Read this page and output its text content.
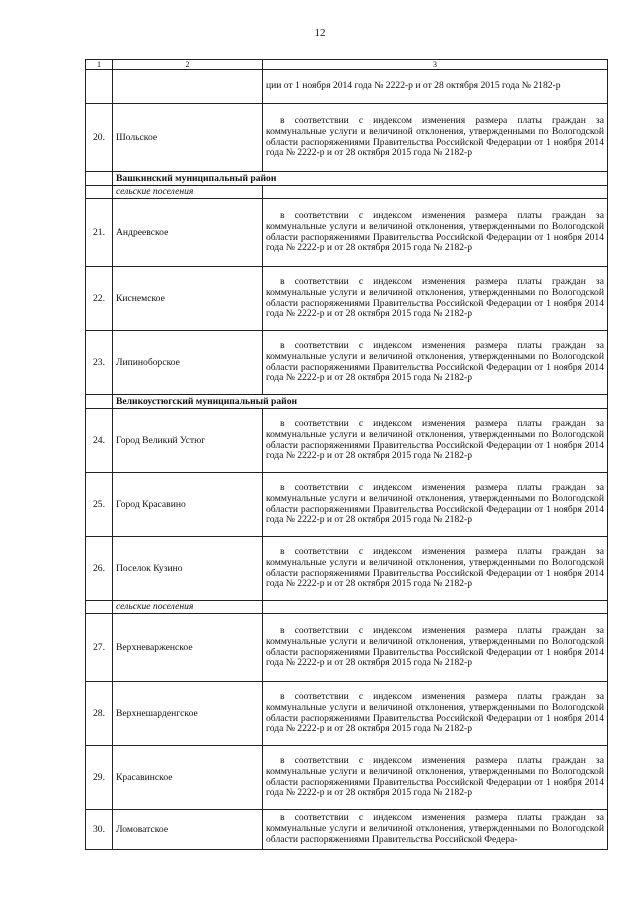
12
1	2	3

		ции от 1 ноября 2014 года № 2222-р и от 28 октября 2015 года № 2182-р

20.	Шольское	в соответствии с индексом изменения размера платы граждан за коммунальные услуги и величиной отклонения, утвержденными по Вологодской области распоряжениями Правительства Российской Федерации от 1 ноября 2014 года № 2222-р и от 28 октября 2015 года № 2182-р

	Вашкинский муниципальный район	
	сельские поселения	
21.	Андреевское	в соответствии с индексом изменения размера платы граждан за коммунальные услуги и величиной отклонения, утвержденными по Вологодской области распоряжениями Правительства Российской Федерации от 1 ноября 2014 года № 2222-р и от 28 октября 2015 года № 2182-р

22.	Киснемское	в соответствии с индексом изменения размера платы граждан за коммунальные услуги и величиной отклонения, утвержденными по Вологодской области распоряжениями Правительства Российской Федерации от 1 ноября 2014 года № 2222-р и от 28 октября 2015 года № 2182-р

23.	Липиноборское	в соответствии с индексом изменения размера платы граждан за коммунальные услуги и величиной отклонения, утвержденными по Вологодской области распоряжениями Правительства Российской Федерации от 1 ноября 2014 года № 2222-р и от 28 октября 2015 года № 2182-р

	Великоустюгский муниципальный район	
24.	Город Великий Устюг	в соответствии с индексом изменения размера платы граждан за коммунальные услуги и величиной отклонения, утвержденными по Вологодской области распоряжениями Правительства Российской Федерации от 1 ноября 2014 года № 2222-р и от 28 октября 2015 года № 2182-р

25.	Город Красавино	в соответствии с индексом изменения размера платы граждан за коммунальные услуги и величиной отклонения, утвержденными по Вологодской области распоряжениями Правительства Российской Федерации от 1 ноября 2014 года № 2222-р и от 28 октября 2015 года № 2182-р

26.	Поселок Кузино	в соответствии с индексом изменения размера платы граждан за коммунальные услуги и величиной отклонения, утвержденными по Вологодской области распоряжениями Правительства Российской Федерации от 1 ноября 2014 года № 2222-р и от 28 октября 2015 года № 2182-р

	сельские поселения	
27.	Верхневарженское	в соответствии с индексом изменения размера платы граждан за коммунальные услуги и величиной отклонения, утвержденными по Вологодской области распоряжениями Правительства Российской Федерации от 1 ноября 2014 года № 2222-р и от 28 октября 2015 года № 2182-р

28.	Верхнешарденгское	в соответствии с индексом изменения размера платы граждан за коммунальные услуги и величиной отклонения, утвержденными по Вологодской области распоряжениями Правительства Российской Федерации от 1 ноября 2014 года № 2222-р и от 28 октября 2015 года № 2182-р

29.	Красавинское	в соответствии с индексом изменения размера платы граждан за коммунальные услуги и величиной отклонения, утвержденными по Вологодской области распоряжениями Правительства Российской Федерации от 1 ноября 2014 года № 2222-р и от 28 октября 2015 года № 2182-р

30.	Ломоватское	в соответствии с индексом изменения размера платы граждан за коммунальные услуги и величиной отклонения, утвержденными по Вологодской области распоряжениями Правительства Российской Федера-
